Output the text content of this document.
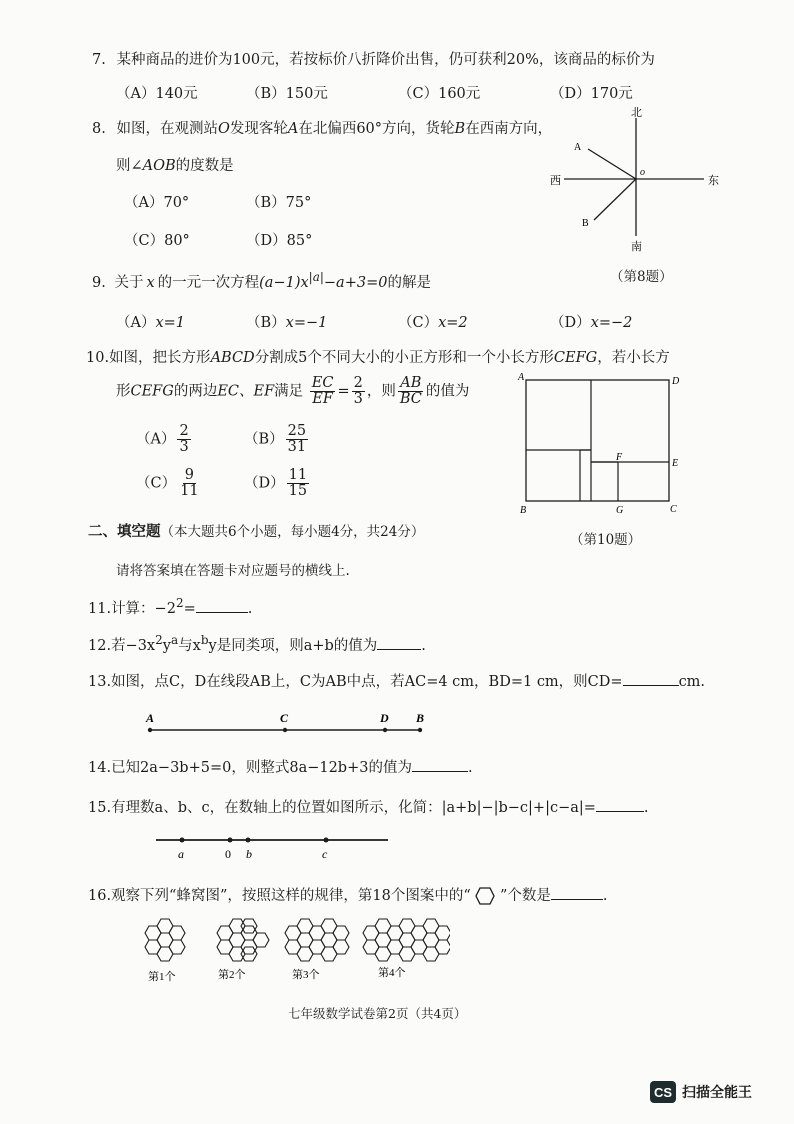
7. 某种商品的进价为100元，若按标价八折降价出售，仍可获利20%，该商品的标价为
（A）140元	（B）150元	（C）160元	（D）170元
8. 如图，在观测站O发现客轮A在北偏西60°方向，货轮B在西南方向，
则∠AOB的度数是
（A）70°	（B）75°
（C）80°	（D）85°
北
南
西	东
A
B
o
（第8题）
9. 关于 x 的一元一次方程$(a-1)x^{|a|}-a+3=0$的解是
（A）x=1	（B）x=−1	（C）x=2	（D）x=−2
10.如图，把长方形ABCD分割成5个不同大小的小正方形和一个小长方形CEFG，若小长方
形CEFG的两边EC、EF满足 $\frac{EC}{EF} = \frac{2}{3}$ ，则 $\frac{AB}{BC}$ 的值为
$(A) \frac{2}{3}$	$(B) \frac{25}{31}$
$(C) \frac{9}{11}$	$(D) \frac{11}{15}$
A	D
B	C
E
F
G
（第10题）
二、填空题（本大题共6个小题，每小题4分，共24分）
请将答案填在答题卡对应题号的横线上.
11.计算：$-2^2=$	.
12.若$-3x^2y^a$与$x^by$是同类项，则a+b的值为	.
13.如图，点C，D在线段AB上，C为AB中点，若AC=4 cm，BD=1 cm，则CD=	cm.
A	C	D B
14.已知2a−3b+5=0，则整式8a−12b+3的值为	.
15.有理数a、b、c，在数轴上的位置如图所示，化简：|a+b|−|b−c|+|c−a|=	.
a	0 b	c
16.观察下列“蜂窝图”，按照这样的规律，第18个图案中的“ ”个数是	.
第1个	第2个	第3个	第4个
七年级数学试卷第2页（共4页）
CS 扫描全能王
